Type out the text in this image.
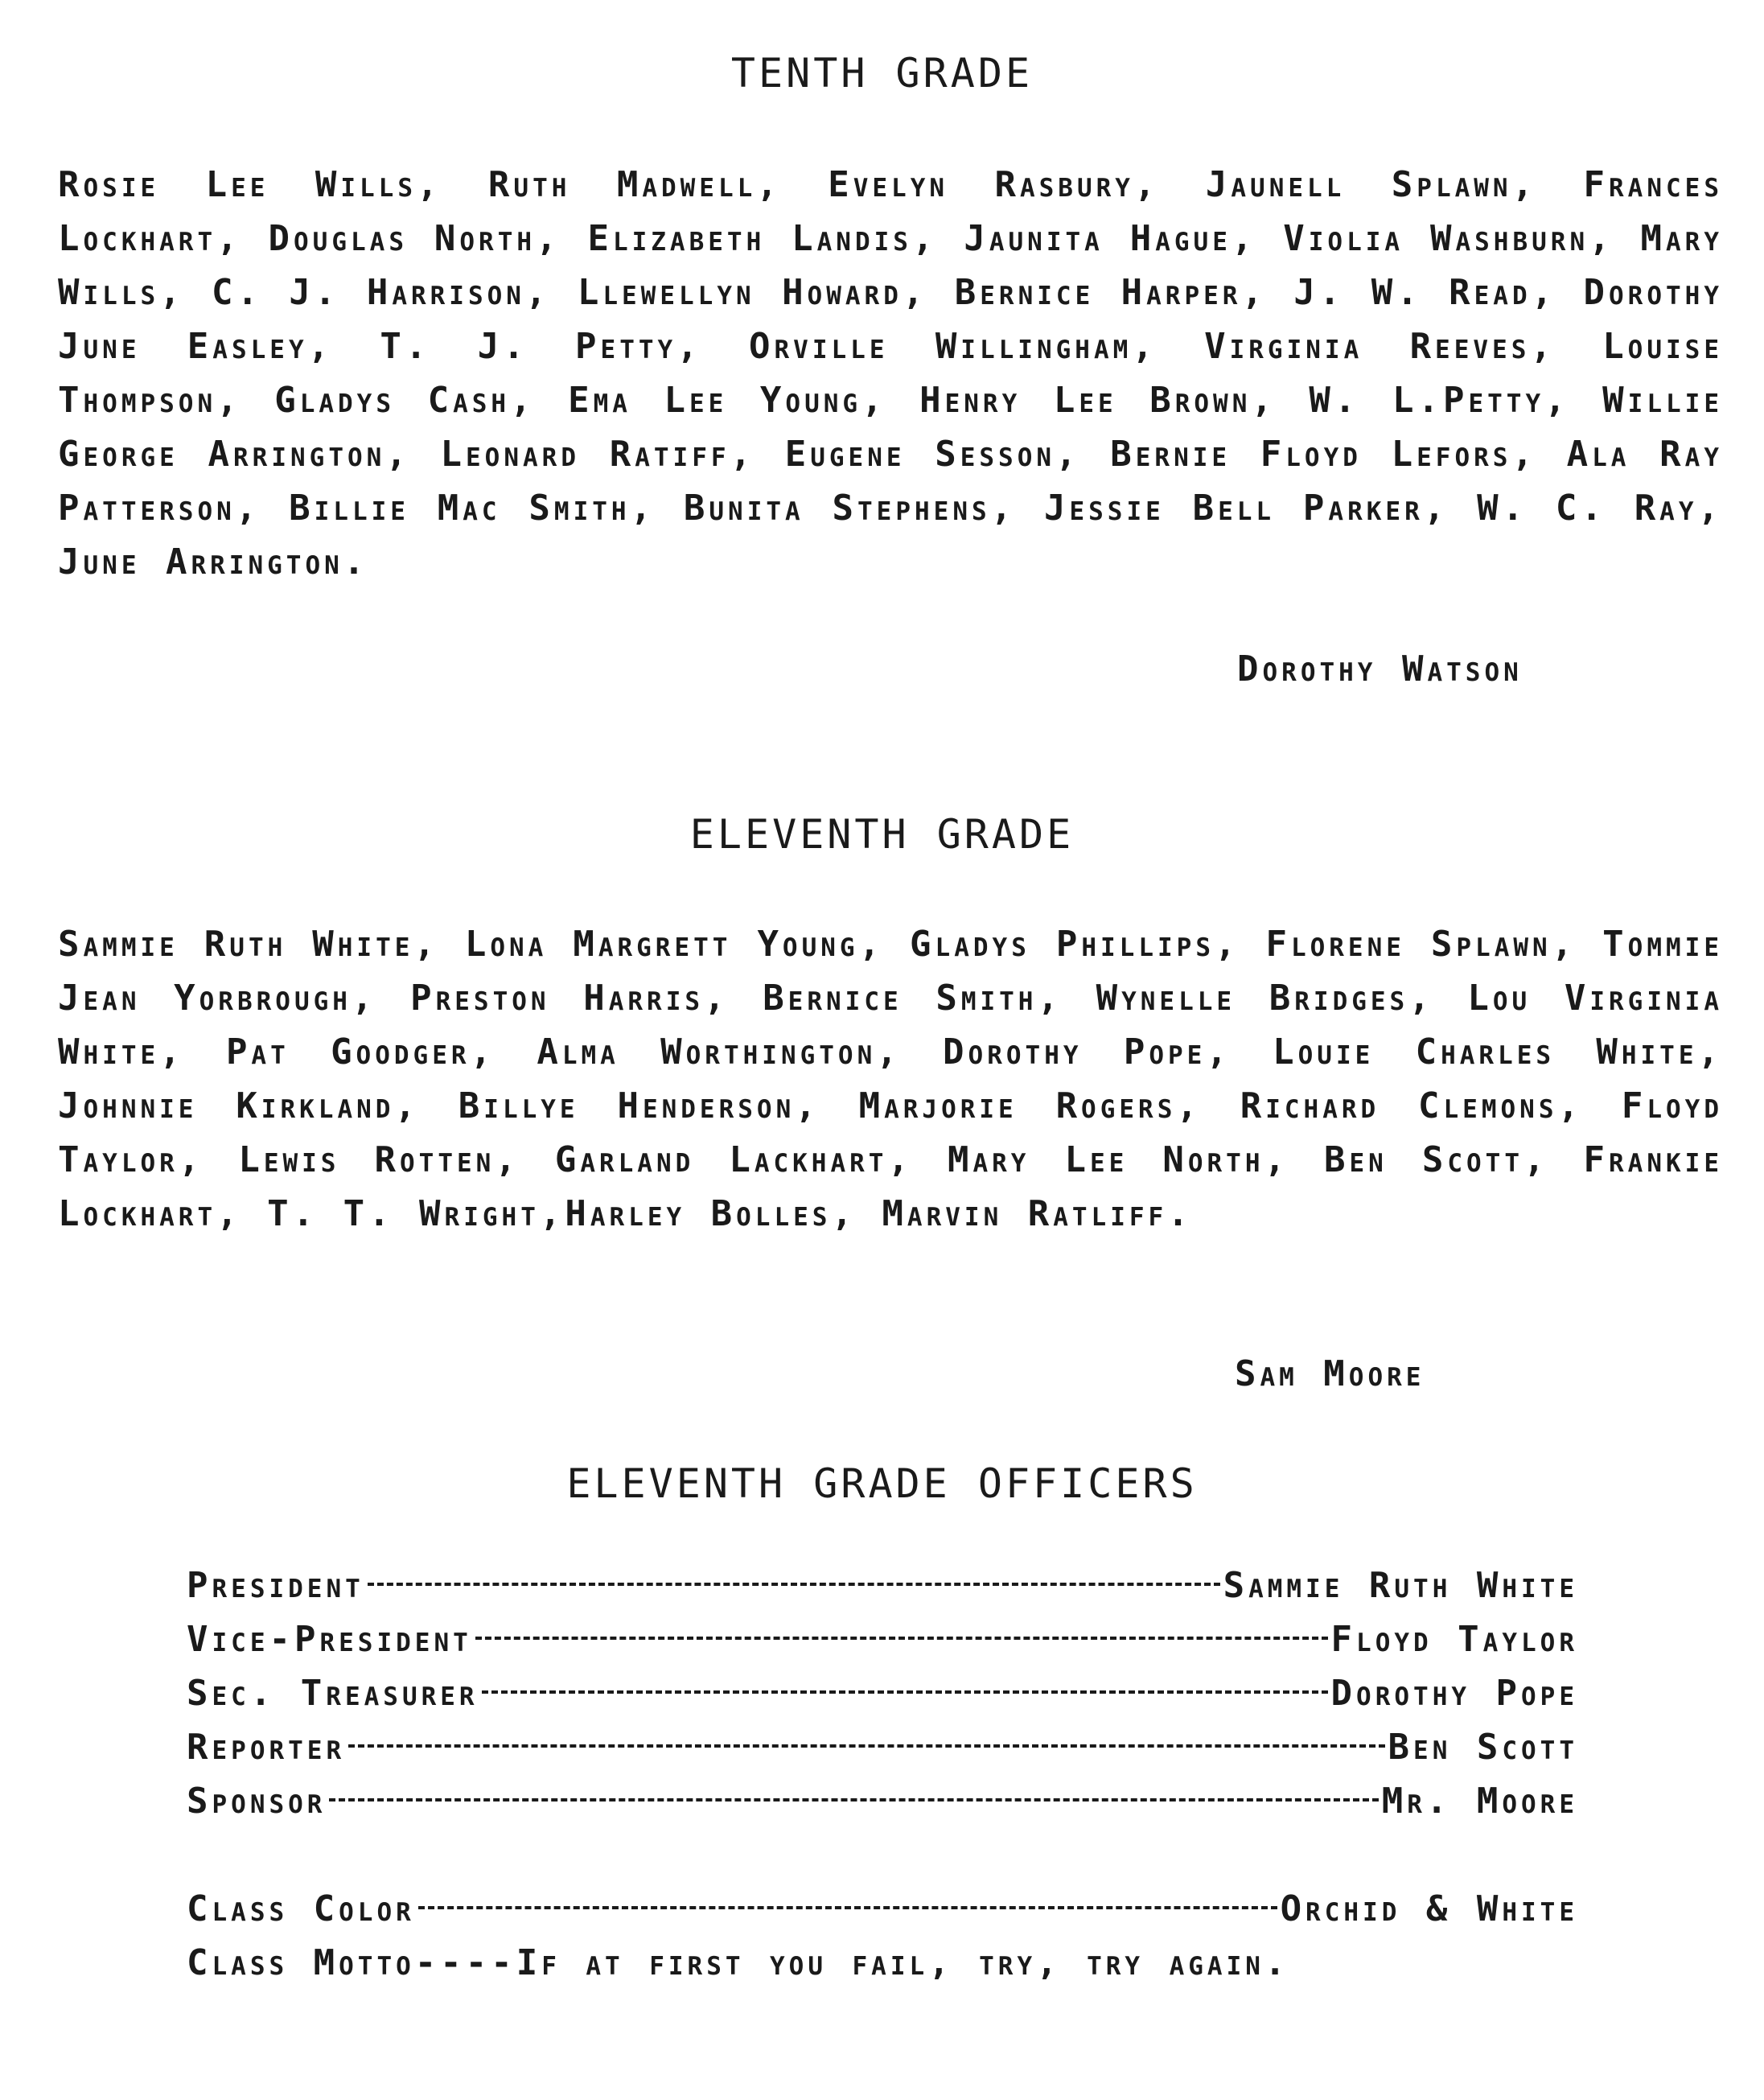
TENTH GRADE

Rosie Lee Wills, Ruth Madwell, Evelyn Rasbury, Jaunell Splawn, Frances Lockhart, Douglas North, Elizabeth Landis, Jaunita Hague, Violia Washburn, Mary Wills, C. J. Harrison, Llewellyn Howard, Bernice Harper, J. W. Read, Dorothy June Easley, T. J. Petty, Orville Willingham, Virginia Reeves, Louise Thompson, Gladys Cash, Ema Lee Young, Henry Lee Brown, W. L.Petty, Willie George Arrington, Leonard Ratiff, Eugene Sesson, Bernie Floyd Lefors, Ala Ray Patterson, Billie Mac Smith, Bunita Stephens, Jessie Bell Parker, W. C. Ray, June Arrington.

Dorothy Watson
ELEVENTH GRADE

Sammie Ruth White, Lona Margrett Young, Gladys Phillips, Florene Splawn, Tommie Jean Yorbrough, Preston Harris, Bernice Smith, Wynelle Bridges, Lou Virginia White, Pat Goodger, Alma Worthington, Dorothy Pope, Louie Charles White, Johnnie Kirkland, Billye Henderson, Marjorie Rogers, Richard Clemons, Floyd Taylor, Lewis Rotten, Garland Lackhart, Mary Lee North, Ben Scott, Frankie Lockhart, T. T. Wright,Harley Bolles, Marvin Ratliff.

Sam Moore
ELEVENTH GRADE OFFICERS
President	Sammie Ruth White
Vice-President	Floyd Taylor
Sec. Treasurer	Dorothy Pope
Reporter	Ben Scott
Sponsor	Mr. Moore
Class Color	Orchid & White
Class Motto ---- If at first you fail, try, try again.
